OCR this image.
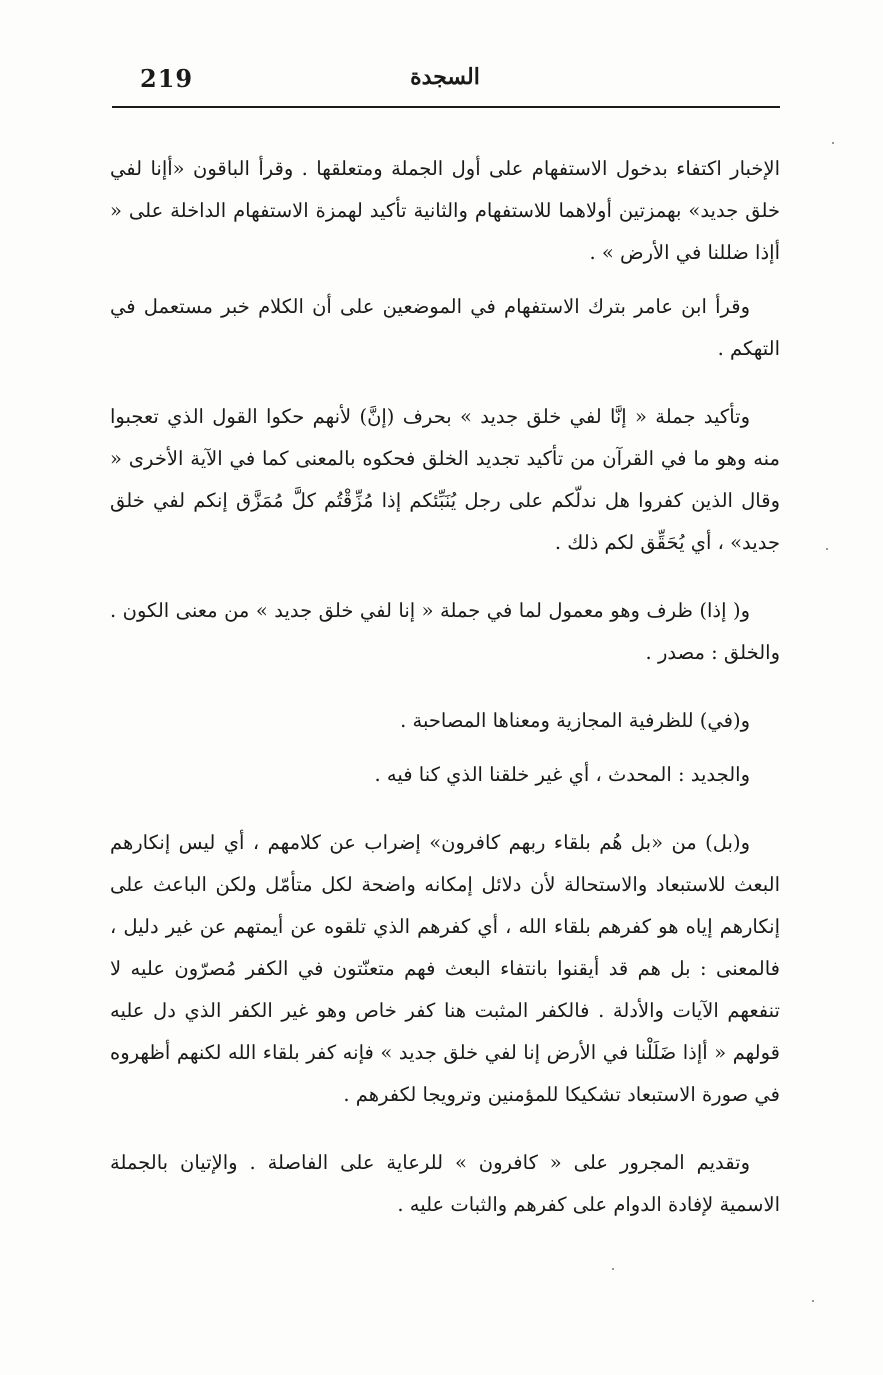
219	السجدة

الإخبار اكتفاء بدخول الاستفهام على أول الجملة ومتعلقها . وقرأ الباقون «أإنا لفي خلق جديد» بهمزتين أولاهما للاستفهام والثانية تأكيد لهمزة الاستفهام الداخلة على « أإذا ضللنا في الأرض » .

وقرأ ابن عامر بترك الاستفهام في الموضعين على أن الكلام خبر مستعمل في التهكم .

وتأكيد جملة « إنَّا لفي خلق جديد » بحرف (إنَّ) لأنهم حكوا القول الذي تعجبوا منه وهو ما في القرآن من تأكيد تجديد الخلق فحكوه بالمعنى كما في الآية الأخرى « وقال الذين كفروا هل ندلّكم على رجل يُنَبِّئكم إذا مُزِّقْتُم كلَّ مُمَزَّق إنكم لفي خلق جديد» ، أي يُحَقِّق لكم ذلك .

و( إذا) ظرف وهو معمول لما في جملة « إنا لفي خلق جديد » من معنى الكون . والخلق : مصدر .

و(في) للظرفية المجازية ومعناها المصاحبة .

والجديد : المحدث ، أي غير خلقنا الذي كنا فيه .

و(بل) من «بل هُم بلقاء ربهم كافرون» إضراب عن كلامهم ، أي ليس إنكارهم البعث للاستبعاد والاستحالة لأن دلائل إمكانه واضحة لكل متأمّل ولكن الباعث على إنكارهم إياه هو كفرهم بلقاء الله ، أي كفرهم الذي تلقوه عن أيمتهم عن غير دليل ، فالمعنى : بل هم قد أيقنوا بانتفاء البعث فهم متعنّتون في الكفر مُصرّون عليه لا تنفعهم الآيات والأدلة . فالكفر المثبت هنا كفر خاص وهو غير الكفر الذي دل عليه قولهم « أإذا ضَلَلْنا في الأرض إنا لفي خلق جديد » فإنه كفر بلقاء الله لكنهم أظهروه في صورة الاستبعاد تشكيكا للمؤمنين وترويجا لكفرهم .

وتقديم المجرور على « كافرون » للرعاية على الفاصلة . والإتيان بالجملة الاسمية لإفادة الدوام على كفرهم والثبات عليه .
